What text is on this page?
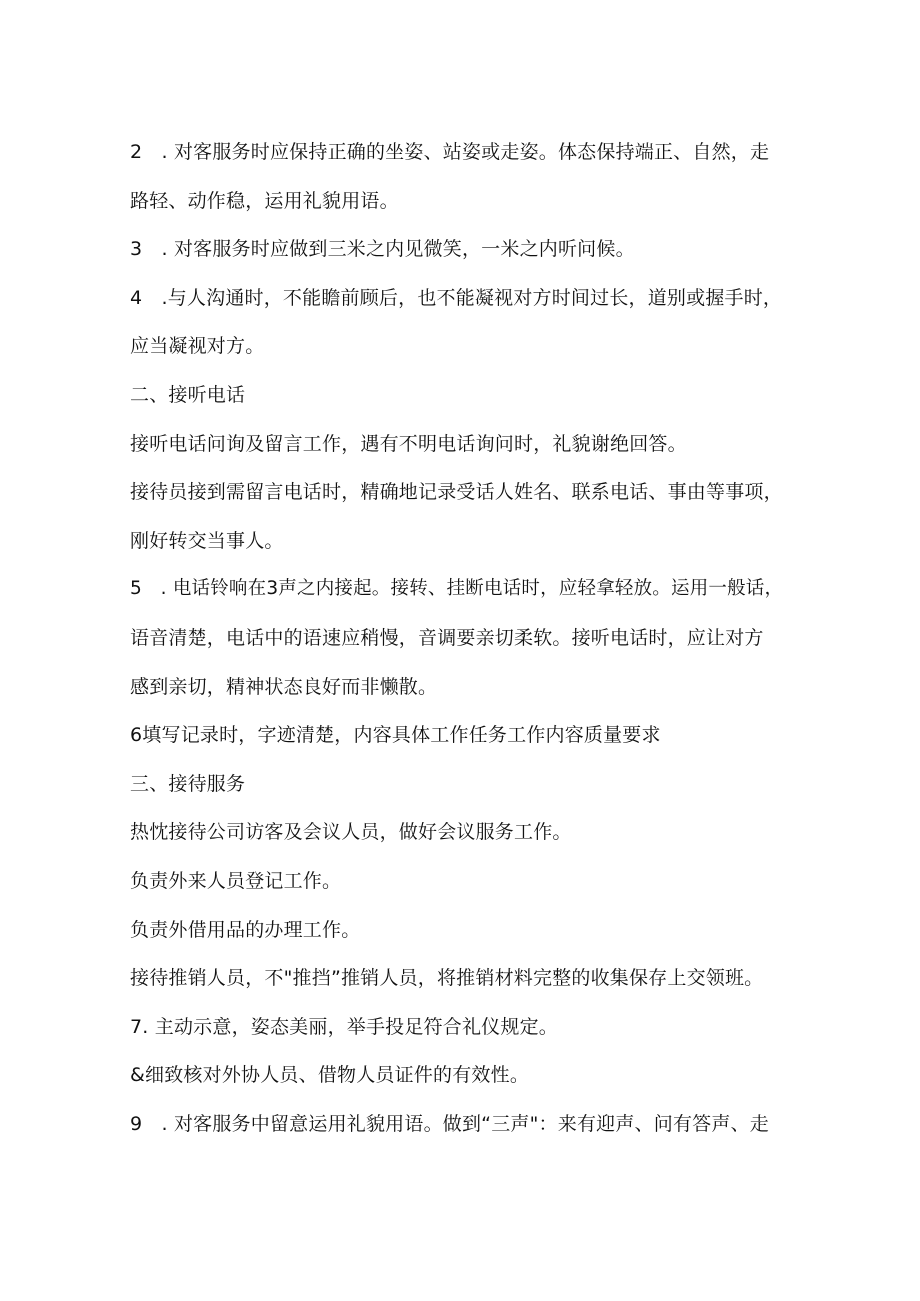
2 . 对客服务时应保持正确的坐姿、站姿或走姿。体态保持端正、自然，走
路轻、动作稳，运用礼貌用语。
3 . 对客服务时应做到三米之内见微笑，一米之内听问候。
4 .与人沟通时，不能瞻前顾后，也不能凝视对方时间过长，道别或握手时，
应当凝视对方。
二、接听电话
接听电话问询及留言工作，遇有不明电话询问时，礼貌谢绝回答。
接待员接到需留言电话时，精确地记录受话人姓名、联系电话、事由等事项，
刚好转交当事人。
5 . 电话铃响在3声之内接起。接转、挂断电话时，应轻拿轻放。运用一般话，
语音清楚，电话中的语速应稍慢，音调要亲切柔软。接听电话时，应让对方
感到亲切，精神状态良好而非懒散。
6填写记录时，字迹清楚，内容具体工作任务工作内容质量要求
三、接待服务
热忱接待公司访客及会议人员，做好会议服务工作。
负责外来人员登记工作。
负责外借用品的办理工作。
接待推销人员，不"推挡”推销人员，将推销材料完整的收集保存上交领班。
7. 主动示意，姿态美丽，举手投足符合礼仪规定。
&细致核对外协人员、借物人员证件的有效性。
9 . 对客服务中留意运用礼貌用语。做到“三声"：来有迎声、问有答声、走
